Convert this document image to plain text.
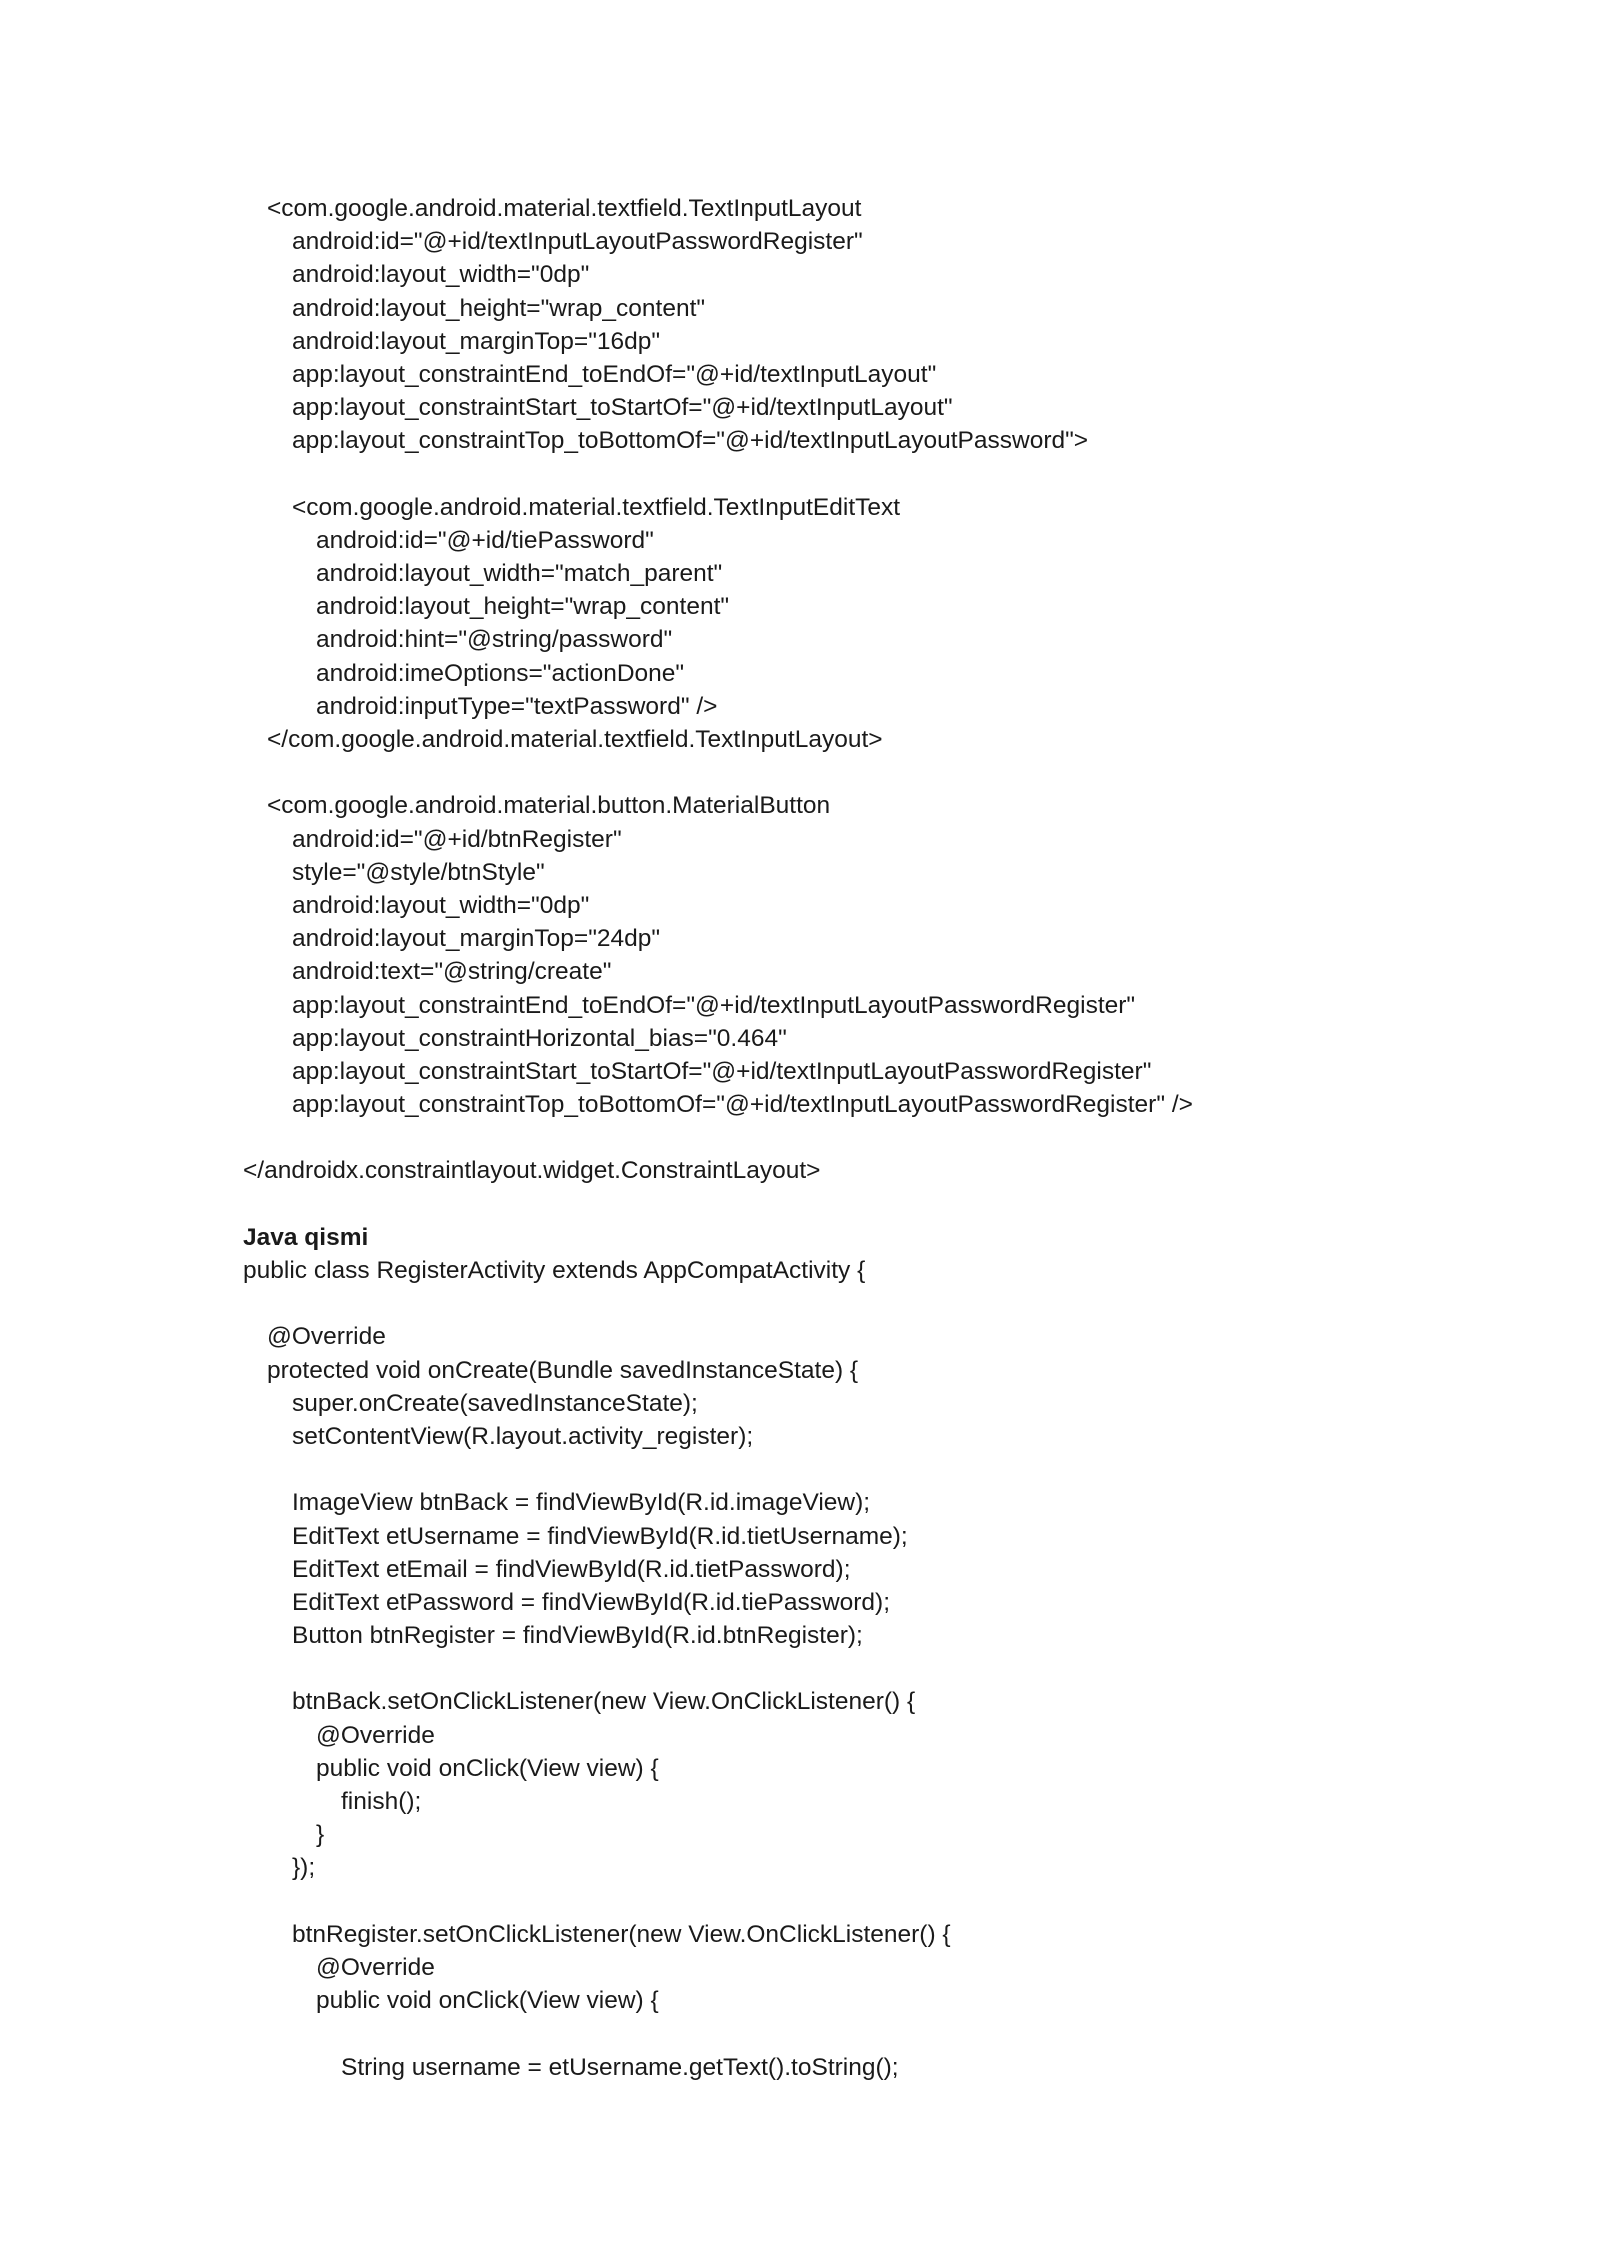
<com.google.android.material.textfield.TextInputLayout
android:id="@+id/textInputLayoutPasswordRegister"
android:layout_width="0dp"
android:layout_height="wrap_content"
android:layout_marginTop="16dp"
app:layout_constraintEnd_toEndOf="@+id/textInputLayout"
app:layout_constraintStart_toStartOf="@+id/textInputLayout"
app:layout_constraintTop_toBottomOf="@+id/textInputLayoutPassword">
<com.google.android.material.textfield.TextInputEditText
android:id="@+id/tiePassword"
android:layout_width="match_parent"
android:layout_height="wrap_content"
android:hint="@string/password"
android:imeOptions="actionDone"
android:inputType="textPassword" />
</com.google.android.material.textfield.TextInputLayout>
<com.google.android.material.button.MaterialButton
android:id="@+id/btnRegister"
style="@style/btnStyle"
android:layout_width="0dp"
android:layout_marginTop="24dp"
android:text="@string/create"
app:layout_constraintEnd_toEndOf="@+id/textInputLayoutPasswordRegister"
app:layout_constraintHorizontal_bias="0.464"
app:layout_constraintStart_toStartOf="@+id/textInputLayoutPasswordRegister"
app:layout_constraintTop_toBottomOf="@+id/textInputLayoutPasswordRegister" />
</androidx.constraintlayout.widget.ConstraintLayout>
Java qismi
public class RegisterActivity extends AppCompatActivity {
@Override
protected void onCreate(Bundle savedInstanceState) {
super.onCreate(savedInstanceState);
setContentView(R.layout.activity_register);
ImageView btnBack = findViewById(R.id.imageView);
EditText etUsername = findViewById(R.id.tietUsername);
EditText etEmail = findViewById(R.id.tietPassword);
EditText etPassword = findViewById(R.id.tiePassword);
Button btnRegister = findViewById(R.id.btnRegister);
btnBack.setOnClickListener(new View.OnClickListener() {
@Override
public void onClick(View view) {
finish();
}
});
btnRegister.setOnClickListener(new View.OnClickListener() {
@Override
public void onClick(View view) {
String username = etUsername.getText().toString();
